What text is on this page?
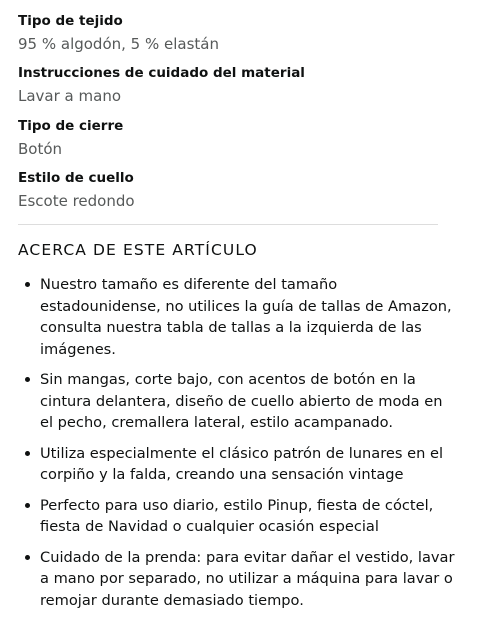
Tipo de tejido
95 % algodón, 5 % elastán
Instrucciones de cuidado del material
Lavar a mano
Tipo de cierre
Botón
Estilo de cuello
Escote redondo
ACERCA DE ESTE ARTÍCULO
Nuestro tamaño es diferente del tamaño estadounidense, no utilices la guía de tallas de Amazon, consulta nuestra tabla de tallas a la izquierda de las imágenes.
Sin mangas, corte bajo, con acentos de botón en la cintura delantera, diseño de cuello abierto de moda en el pecho, cremallera lateral, estilo acampanado.
Utiliza especialmente el clásico patrón de lunares en el corpiño y la falda, creando una sensación vintage
Perfecto para uso diario, estilo Pinup, fiesta de cóctel, fiesta de Navidad o cualquier ocasión especial
Cuidado de la prenda: para evitar dañar el vestido, lavar a mano por separado, no utilizar a máquina para lavar o remojar durante demasiado tiempo.
